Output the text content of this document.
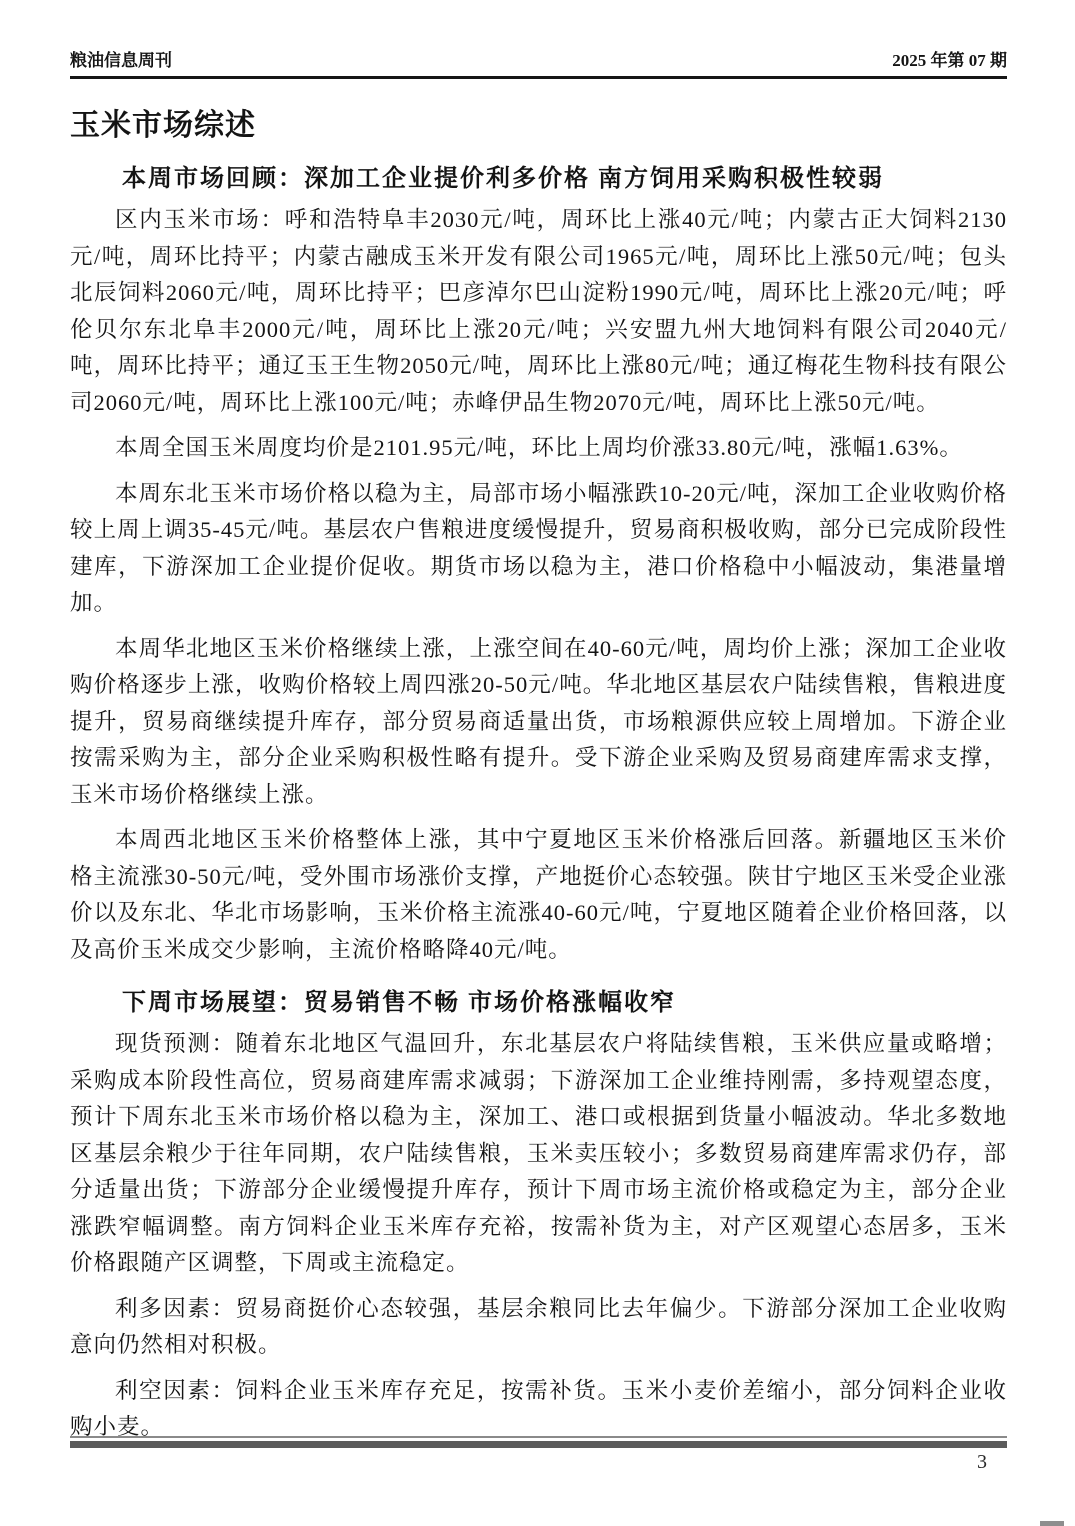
粮油信息周刊	2025 年第 07 期
玉米市场综述
本周市场回顾：深加工企业提价利多价格 南方饲用采购积极性较弱

区内玉米市场：呼和浩特阜丰2030元/吨，周环比上涨40元/吨；内蒙古正大饲料2130元/吨，周环比持平；内蒙古融成玉米开发有限公司1965元/吨，周环比上涨50元/吨；包头北辰饲料2060元/吨，周环比持平；巴彦淖尔巴山淀粉1990元/吨，周环比上涨20元/吨；呼伦贝尔东北阜丰2000元/吨，周环比上涨20元/吨；兴安盟九州大地饲料有限公司2040元/吨，周环比持平；通辽玉王生物2050元/吨，周环比上涨80元/吨；通辽梅花生物科技有限公司2060元/吨，周环比上涨100元/吨；赤峰伊品生物2070元/吨，周环比上涨50元/吨。

本周全国玉米周度均价是2101.95元/吨，环比上周均价涨33.80元/吨，涨幅1.63%。

本周东北玉米市场价格以稳为主，局部市场小幅涨跌10-20元/吨，深加工企业收购价格较上周上调35-45元/吨。基层农户售粮进度缓慢提升，贸易商积极收购，部分已完成阶段性建库，下游深加工企业提价促收。期货市场以稳为主，港口价格稳中小幅波动，集港量增加。

本周华北地区玉米价格继续上涨，上涨空间在40-60元/吨，周均价上涨；深加工企业收购价格逐步上涨，收购价格较上周四涨20-50元/吨。华北地区基层农户陆续售粮，售粮进度提升，贸易商继续提升库存，部分贸易商适量出货，市场粮源供应较上周增加。下游企业按需采购为主，部分企业采购积极性略有提升。受下游企业采购及贸易商建库需求支撑，玉米市场价格继续上涨。

本周西北地区玉米价格整体上涨，其中宁夏地区玉米价格涨后回落。新疆地区玉米价格主流涨30-50元/吨，受外围市场涨价支撑，产地挺价心态较强。陕甘宁地区玉米受企业涨价以及东北、华北市场影响，玉米价格主流涨40-60元/吨，宁夏地区随着企业价格回落，以及高价玉米成交少影响，主流价格略降40元/吨。

下周市场展望：贸易销售不畅 市场价格涨幅收窄

现货预测：随着东北地区气温回升，东北基层农户将陆续售粮，玉米供应量或略增；采购成本阶段性高位，贸易商建库需求减弱；下游深加工企业维持刚需，多持观望态度，预计下周东北玉米市场价格以稳为主，深加工、港口或根据到货量小幅波动。华北多数地区基层余粮少于往年同期，农户陆续售粮，玉米卖压较小；多数贸易商建库需求仍存，部分适量出货；下游部分企业缓慢提升库存，预计下周市场主流价格或稳定为主，部分企业涨跌窄幅调整。南方饲料企业玉米库存充裕，按需补货为主，对产区观望心态居多，玉米价格跟随产区调整，下周或主流稳定。

利多因素：贸易商挺价心态较强，基层余粮同比去年偏少。下游部分深加工企业收购意向仍然相对积极。

利空因素：饲料企业玉米库存充足，按需补货。玉米小麦价差缩小，部分饲料企业收购小麦。

3
